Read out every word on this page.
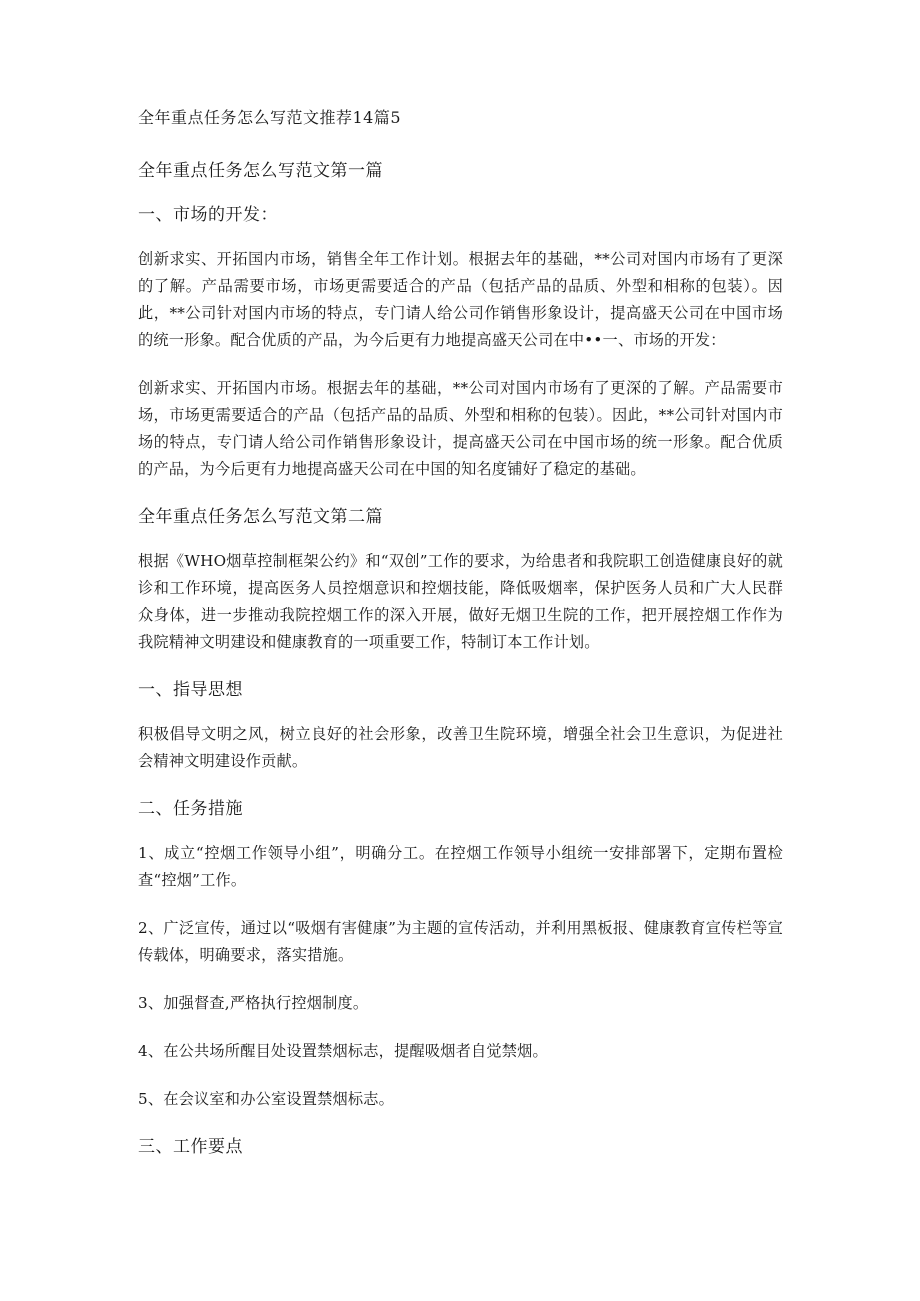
全年重点任务怎么写范文推荐14篇5
全年重点任务怎么写范文第一篇
一、市场的开发：

创新求实、开拓国内市场，销售全年工作计划。根据去年的基础，**公司对国内市场有了更深的了解。产品需要市场，市场更需要适合的产品（包括产品的品质、外型和相称的包装）。因此，**公司针对国内市场的特点，专门请人给公司作销售形象设计，提高盛天公司在中国市场的统一形象。配合优质的产品，为今后更有力地提高盛天公司在中••一、市场的开发：

创新求实、开拓国内市场。根据去年的基础，**公司对国内市场有了更深的了解。产品需要市场，市场更需要适合的产品（包括产品的品质、外型和相称的包装）。因此，**公司针对国内市场的特点，专门请人给公司作销售形象设计，提高盛天公司在中国市场的统一形象。配合优质的产品，为今后更有力地提高盛天公司在中国的知名度铺好了稳定的基础。

全年重点任务怎么写范文第二篇

根据《WHO烟草控制框架公约》和“双创”工作的要求，为给患者和我院职工创造健康良好的就诊和工作环境，提高医务人员控烟意识和控烟技能，降低吸烟率，保护医务人员和广大人民群众身体，进一步推动我院控烟工作的深入开展，做好无烟卫生院的工作，把开展控烟工作作为我院精神文明建设和健康教育的一项重要工作，特制订本工作计划。

一、指导思想

积极倡导文明之风，树立良好的社会形象，改善卫生院环境，增强全社会卫生意识，为促进社会精神文明建设作贡献。

二、任务措施

1、成立“控烟工作领导小组”，明确分工。在控烟工作领导小组统一安排部署下，定期布置检查“控烟”工作。

2、广泛宣传，通过以“吸烟有害健康”为主题的宣传活动，并利用黑板报、健康教育宣传栏等宣传载体，明确要求，落实措施。

3、加强督查,严格执行控烟制度。

4、在公共场所醒目处设置禁烟标志，提醒吸烟者自觉禁烟。

5、在会议室和办公室设置禁烟标志。

三、工作要点
